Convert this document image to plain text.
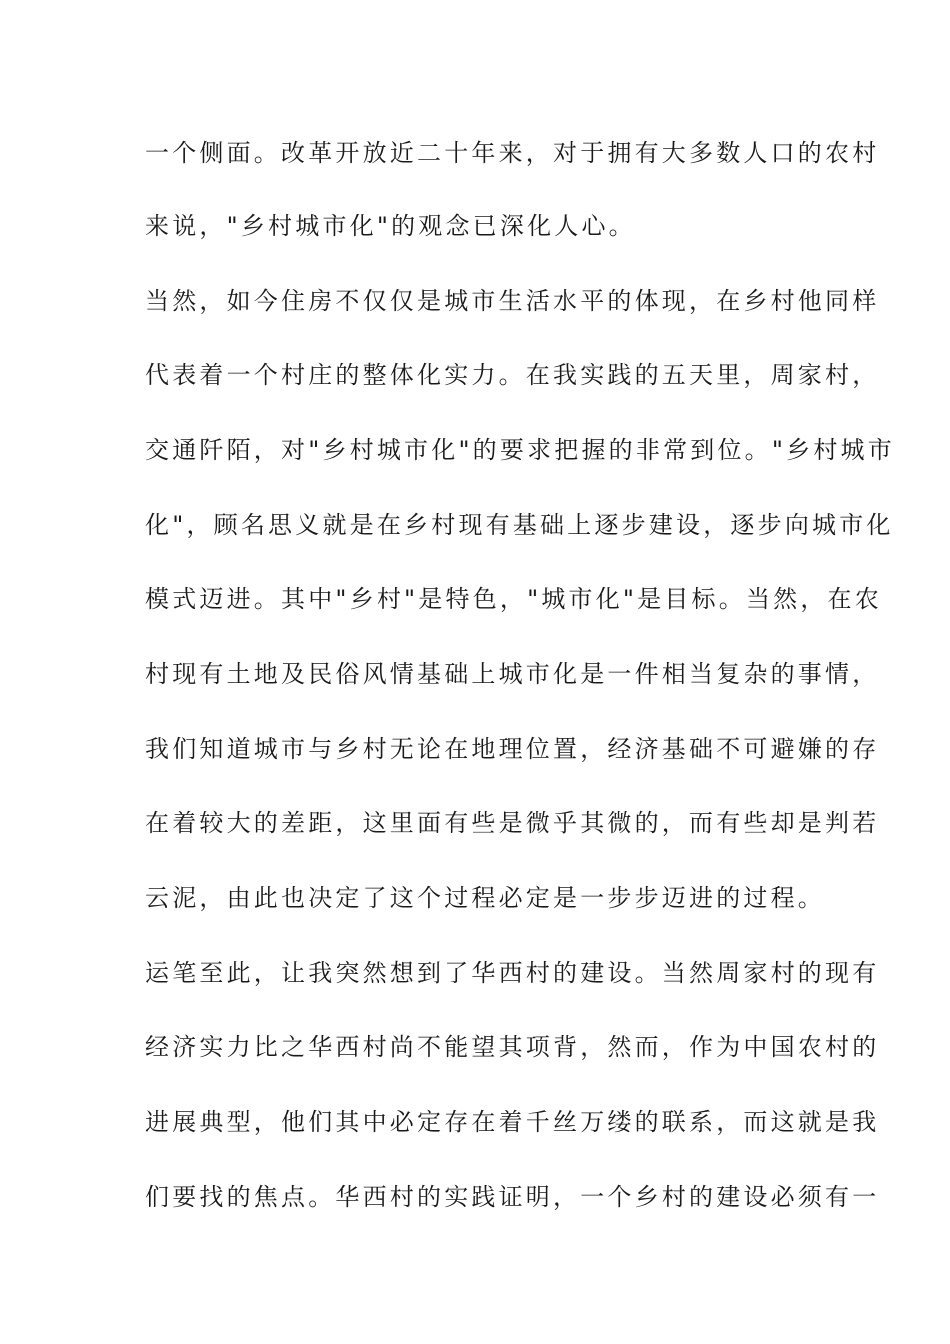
一个侧面。改革开放近二十年来，对于拥有大多数人口的农村
来说，"乡村城市化"的观念已深化人心。
当然，如今住房不仅仅是城市生活水平的体现，在乡村他同样
代表着一个村庄的整体化实力。在我实践的五天里，周家村，
交通阡陌，对"乡村城市化"的要求把握的非常到位。"乡村城市
化"，顾名思义就是在乡村现有基础上逐步建设，逐步向城市化
模式迈进。其中"乡村"是特色，"城市化"是目标。当然，在农
村现有土地及民俗风情基础上城市化是一件相当复杂的事情，
我们知道城市与乡村无论在地理位置，经济基础不可避嫌的存
在着较大的差距，这里面有些是微乎其微的，而有些却是判若
云泥，由此也决定了这个过程必定是一步步迈进的过程。
运笔至此，让我突然想到了华西村的建设。当然周家村的现有
经济实力比之华西村尚不能望其项背，然而，作为中国农村的
进展典型，他们其中必定存在着千丝万缕的联系，而这就是我
们要找的焦点。华西村的实践证明，一个乡村的建设必须有一
